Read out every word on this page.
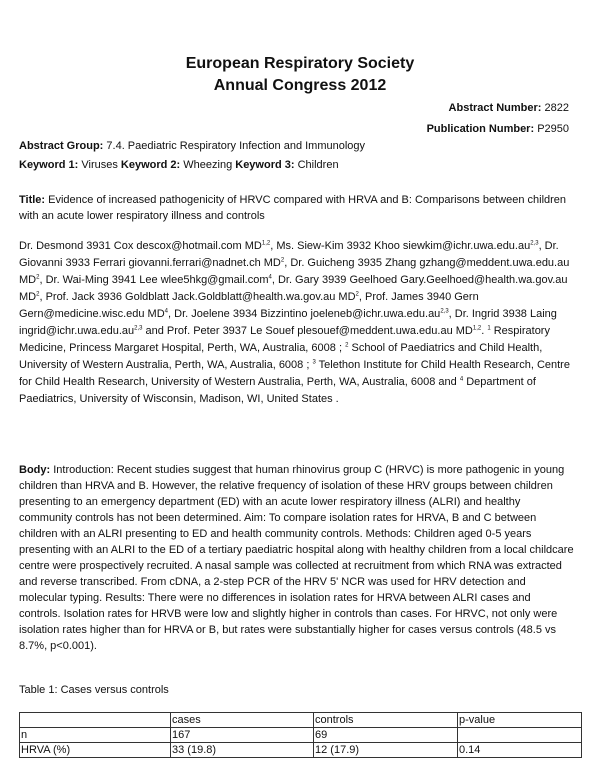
European Respiratory Society
Annual Congress 2012
Abstract Number: 2822
Publication Number: P2950
Abstract Group: 7.4. Paediatric Respiratory Infection and Immunology
Keyword 1: Viruses Keyword 2: Wheezing Keyword 3: Children
Title: Evidence of increased pathogenicity of HRVC compared with HRVA and B: Comparisons between children with an acute lower respiratory illness and controls
Dr. Desmond 3931 Cox descox@hotmail.com MD$^{1,2}$, Ms. Siew-Kim 3932 Khoo siewkim@ichr.uwa.edu.au$^{2,3}$, Dr. Giovanni 3933 Ferrari giovanni.ferrari@nadnet.ch $MD^2$, Dr. Guicheng 3935 Zhang gzhang@meddent.uwa.edu.au $MD^2$, Dr. Wai-Ming 3941 Lee wlee5hkg@gmail.com$^4$, Dr. Gary 3939 Geelhoed Gary.Geelhoed@health.wa.gov.au $MD^2$, Prof. Jack 3936 Goldblatt Jack.Goldblatt@health.wa.gov.au $MD^2$, Prof. James 3940 Gern Gern@medicine.wisc.edu $MD^4$, Dr. Joelene 3934 Bizzintino joeleneb@ichr.uwa.edu.au$^{2,3}$, Dr. Ingrid 3938 Laing ingrid@ichr.uwa.edu.au$^{2,3}$ and Prof. Peter 3937 Le Souef plesouef@meddent.uwa.edu.au MD$^{1,2}$. $^1$ Respiratory Medicine, Princess Margaret Hospital, Perth, WA, Australia, 6008 ; $^2$ School of Paediatrics and Child Health, University of Western Australia, Perth, WA, Australia, 6008 ; $^3$ Telethon Institute for Child Health Research, Centre for Child Health Research, University of Western Australia, Perth, WA, Australia, 6008 and $^4$ Department of Paediatrics, University of Wisconsin, Madison, WI, United States .
Body: Introduction: Recent studies suggest that human rhinovirus group C (HRVC) is more pathogenic in young children than HRVA and B. However, the relative frequency of isolation of these HRV groups between children presenting to an emergency department (ED) with an acute lower respiratory illness (ALRI) and healthy community controls has not been determined. Aim: To compare isolation rates for HRVA, B and C between children with an ALRI presenting to ED and health community controls. Methods: Children aged 0-5 years presenting with an ALRI to the ED of a tertiary paediatric hospital along with healthy children from a local childcare centre were prospectively recruited. A nasal sample was collected at recruitment from which RNA was extracted and reverse transcribed. From cDNA, a 2-step PCR of the HRV 5' NCR was used for HRV detection and molecular typing. Results: There were no differences in isolation rates for HRVA between ALRI cases and controls. Isolation rates for HRVB were low and slightly higher in controls than cases. For HRVC, not only were isolation rates higher than for HRVA or B, but rates were substantially higher for cases versus controls (48.5 vs 8.7%, p<0.001).
Table 1: Cases versus controls
	cases	controls	p-value
n	167	69	
HRVA (%)	33 (19.8)	12 (17.9)	0.14
